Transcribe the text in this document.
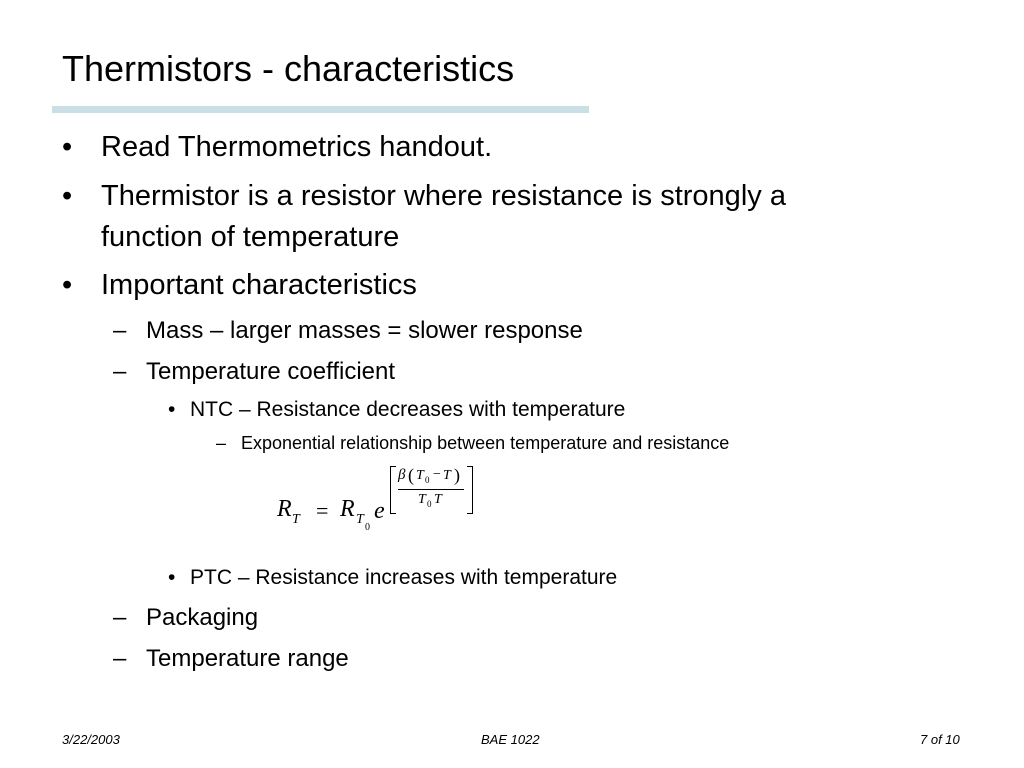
Thermistors - characteristics
• Read Thermometrics handout.
• Thermistor is a resistor where resistance is strongly a
function of temperature
• Important characteristics
– Mass – larger masses = slower response
– Temperature coefficient
• NTC – Resistance decreases with temperature
– Exponential relationship between temperature and resistance
R T = R T
0
e
β ( T 0 − T )
T 0 T
• PTC – Resistance increases with temperature
– Packaging
– Temperature range
3/22/2003	BAE 1022	7 of 10
